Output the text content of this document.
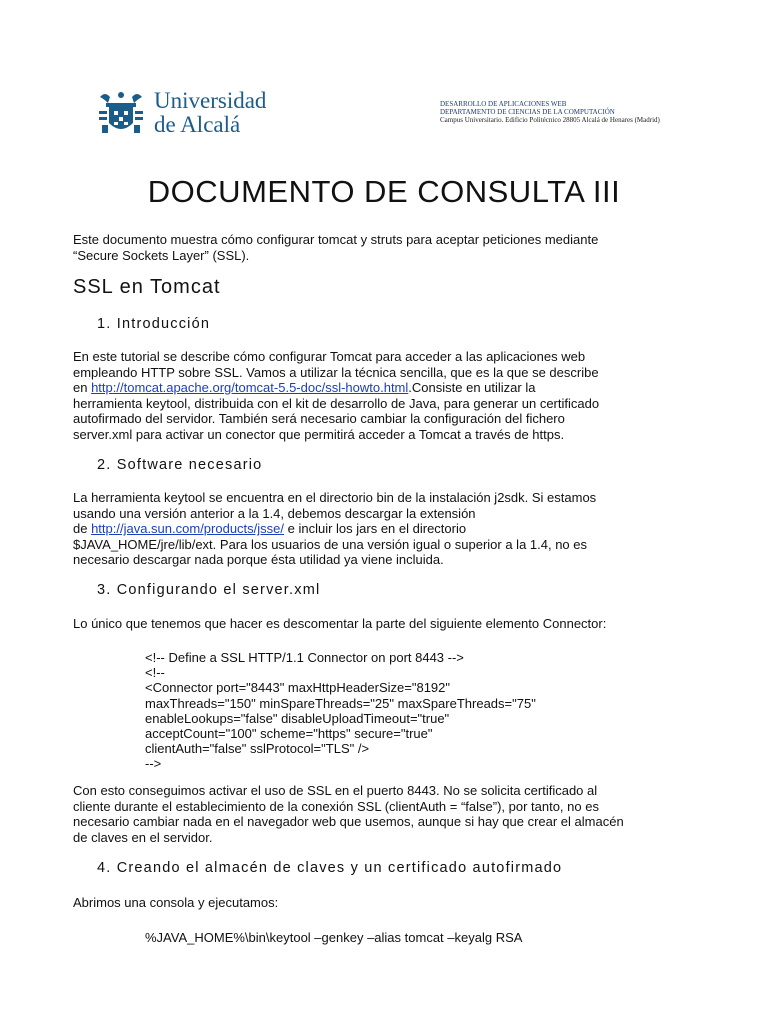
Universidad
de Alcalá
DESARROLLO DE APLICACIONES WEB
DEPARTAMENTO DE CIENCIAS DE LA COMPUTACIÓN
Campus Universitario. Edificio Politécnico 28805 Alcalá de Henares (Madrid)
DOCUMENTO DE CONSULTA III
Este documento muestra cómo configurar tomcat y struts para aceptar peticiones mediante
“Secure Sockets Layer” (SSL).
SSL en Tomcat
1. Introducción
En este tutorial se describe cómo configurar Tomcat para acceder a las aplicaciones web
empleando HTTP sobre SSL. Vamos a utilizar la técnica sencilla, que es la que se describe
en http://tomcat.apache.org/tomcat-5.5-doc/ssl-howto.html.Consiste en utilizar la
herramienta keytool, distribuida con el kit de desarrollo de Java, para generar un certificado
autofirmado del servidor. También será necesario cambiar la configuración del fichero
server.xml para activar un conector que permitirá acceder a Tomcat a través de https.
2. Software necesario
La herramienta keytool se encuentra en el directorio bin de la instalación j2sdk. Si estamos
usando una versión anterior a la 1.4, debemos descargar la extensión
de http://java.sun.com/products/jsse/ e incluir los jars en el directorio
$JAVA_HOME/jre/lib/ext. Para los usuarios de una versión igual o superior a la 1.4, no es
necesario descargar nada porque ésta utilidad ya viene incluida.
3. Configurando el server.xml
Lo único que tenemos que hacer es descomentar la parte del siguiente elemento Connector:
<!-- Define a SSL HTTP/1.1 Connector on port 8443 -->
<!--
<Connector port="8443" maxHttpHeaderSize="8192"
maxThreads="150" minSpareThreads="25" maxSpareThreads="75"
enableLookups="false" disableUploadTimeout="true"
acceptCount="100" scheme="https" secure="true"
clientAuth="false" sslProtocol="TLS" />
-->
Con esto conseguimos activar el uso de SSL en el puerto 8443. No se solicita certificado al
cliente durante el establecimiento de la conexión SSL (clientAuth = “false”), por tanto, no es
necesario cambiar nada en el navegador web que usemos, aunque si hay que crear el almacén
de claves en el servidor.
4. Creando el almacén de claves y un certificado autofirmado
Abrimos una consola y ejecutamos:
%JAVA_HOME%\bin\keytool –genkey –alias tomcat –keyalg RSA
